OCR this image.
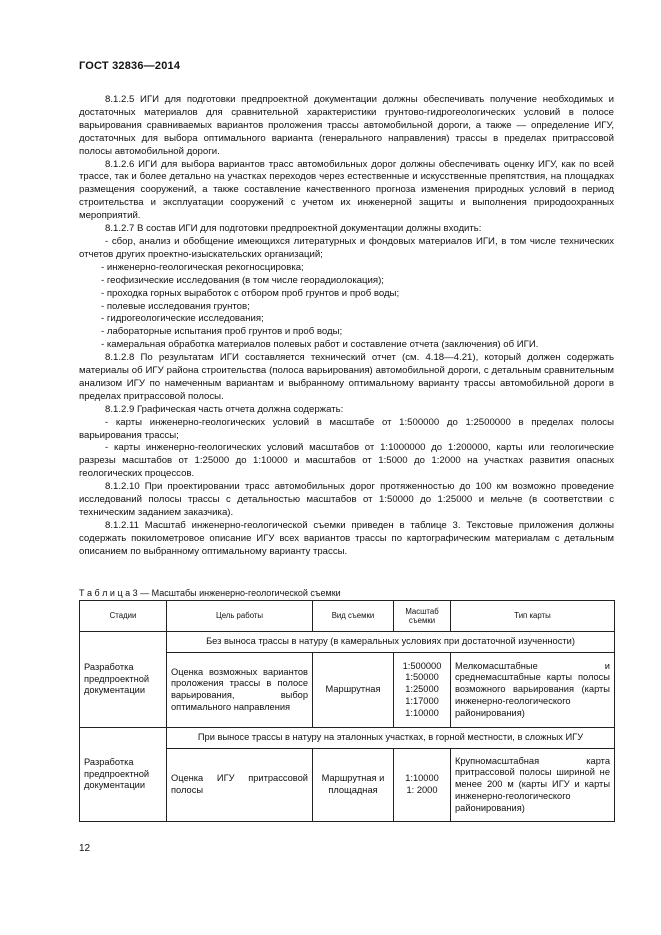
ГОСТ 32836—2014

8.1.2.5 ИГИ для подготовки предпроектной документации должны обеспечивать получение необходимых и достаточных материалов для сравнительной характеристики грунтово-гидрогеологических условий в полосе варьирования сравниваемых вариантов проложения трассы автомобильной дороги, а также — определение ИГУ, достаточных для выбора оптимального варианта (генерального направления) трассы в пределах притрассовой полосы автомобильной дороги.

8.1.2.6 ИГИ для выбора вариантов трасс автомобильных дорог должны обеспечивать оценку ИГУ, как по всей трассе, так и более детально на участках переходов через естественные и искусственные препятствия, на площадках размещения сооружений, а также составление качественного прогноза изменения природных условий в период строительства и эксплуатации сооружений с учетом их инженерной защиты и выполнения природоохранных мероприятий.

8.1.2.7 В состав ИГИ для подготовки предпроектной документации должны входить:

- сбор, анализ и обобщение имеющихся литературных и фондовых материалов ИГИ, в том числе технических отчетов других проектно-изыскательских организаций;

- инженерно-геологическая рекогносцировка;

- геофизические исследования (в том числе георадиолокация);

- проходка горных выработок с отбором проб грунтов и проб воды;

- полевые исследования грунтов;

- гидрогеологические исследования;

- лабораторные испытания проб грунтов и проб воды;

- камеральная обработка материалов полевых работ и составление отчета (заключения) об ИГИ.

8.1.2.8 По результатам ИГИ составляется технический отчет (см. 4.18—4.21), который должен содержать материалы об ИГУ района строительства (полоса варьирования) автомобильной дороги, с детальным сравнительным анализом ИГУ по намеченным вариантам и выбранному оптимальному варианту трассы автомобильной дороги в пределах притрассовой полосы.

8.1.2.9 Графическая часть отчета должна содержать:

- карты инженерно-геологических условий в масштабе от 1:500000 до 1:2500000 в пределах полосы варьирования трассы;

- карты инженерно-геологических условий масштабов от 1:1000000 до 1:200000, карты или геологические разрезы масштабов от 1:25000 до 1:10000 и масштабов от 1:5000 до 1:2000 на участках развития опасных геологических процессов.

8.1.2.10 При проектировании трасс автомобильных дорог протяженностью до 100 км возможно проведение исследований полосы трассы с детальностью масштабов от 1:50000 до 1:25000 и мельче (в соответствии с техническим заданием заказчика).

8.1.2.11 Масштаб инженерно-геологической съемки приведен в таблице 3. Текстовые приложения должны содержать покилометровое описание ИГУ всех вариантов трассы по картографическим материалам с детальным описанием по выбранному оптимальному варианту трассы.

Т а б л и ц а 3 — Масштабы инженерно-геологической съемки
Стадии	Цель работы	Вид съемки	Масштаб съемки	Тип карты
Разработка предпроектной документации	Без выноса трассы в натуру (в камеральных условиях при достаточной изученности)			
	Оценка возможных вариантов проложения трассы в полосе варьирования, выбор оптимального направления	Маршрутная	1:500000
1:50000
1:25000
1:17000
1:10000	Мелкомасштабные и среднемасштабные карты полосы возможного варьирования (карты инженерно-геологического районирования)
Разработка предпроектной документации	При выносе трассы в натуру на эталонных участках, в горной местности, в сложных ИГУ			
	Оценка ИГУ притрассовой полосы	Маршрутная и площадная	1:10000
1: 2000	Крупномасштабная карта притрассовой полосы шириной не менее 200 м (карты ИГУ и карты инженерно-геологического районирования)
12
